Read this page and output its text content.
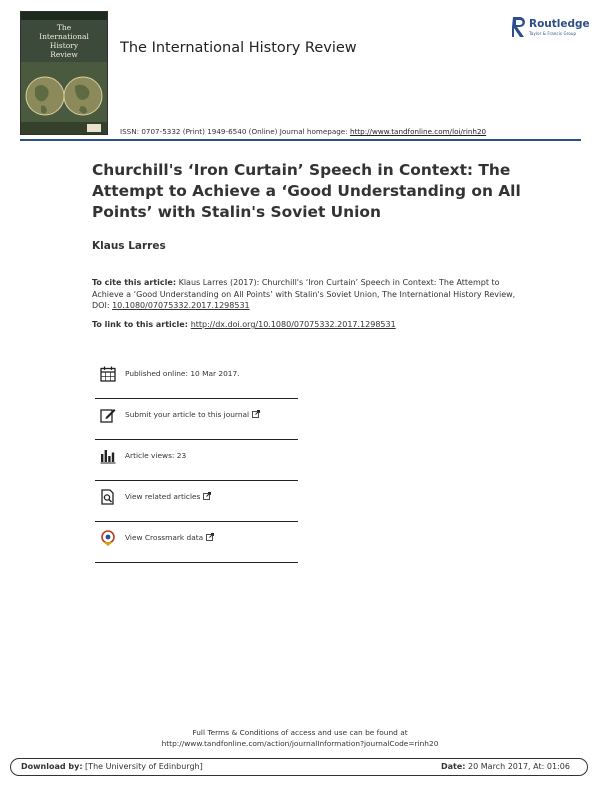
The
International
History
Review	The International History Review
Routledge
Taylor & Francis Group
ISSN: 0707-5332 (Print) 1949-6540 (Online) Journal homepage: http://www.tandfonline.com/loi/rinh20
Churchill's ‘Iron Curtain’ Speech in Context: The Attempt to Achieve a ‘Good Understanding on All Points’ with Stalin's Soviet Union
Klaus Larres
To cite this article: Klaus Larres (2017): Churchill's ‘Iron Curtain’ Speech in Context: The Attempt to Achieve a ‘Good Understanding on All Points’ with Stalin's Soviet Union, The International History Review, DOI: 10.1080/07075332.2017.1298531
To link to this article: http://dx.doi.org/10.1080/07075332.2017.1298531
Published online: 10 Mar 2017.
Submit your article to this journal
Article views: 23
View related articles
View Crossmark data
Full Terms & Conditions of access and use can be found at
http://www.tandfonline.com/action/journalInformation?journalCode=rinh20
Download by: [The University of Edinburgh]	Date: 20 March 2017, At: 01:06
